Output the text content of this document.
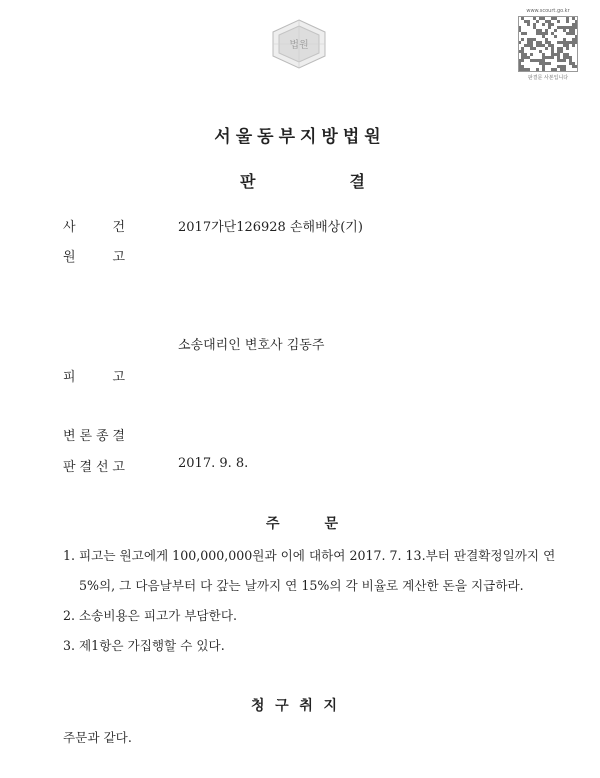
법원
www.scourt.go.kr
판결문 사본입니다
서울동부지방법원
판	결
사	건	2017가단126928 손해배상(기)
원	고
소송대리인 변호사 김동주
피	고
변 론 종 결
판 결 선 고	2017. 9. 8.
주	문
1. 피고는 원고에게 100,000,000원과 이에 대하여 2017. 7. 13.부터 판결확정일까지 연
5%의, 그 다음날부터 다 갚는 날까지 연 15%의 각 비율로 계산한 돈을 지급하라.
2. 소송비용은 피고가 부담한다.
3. 제1항은 가집행할 수 있다.
청 구 취 지
주문과 같다.
